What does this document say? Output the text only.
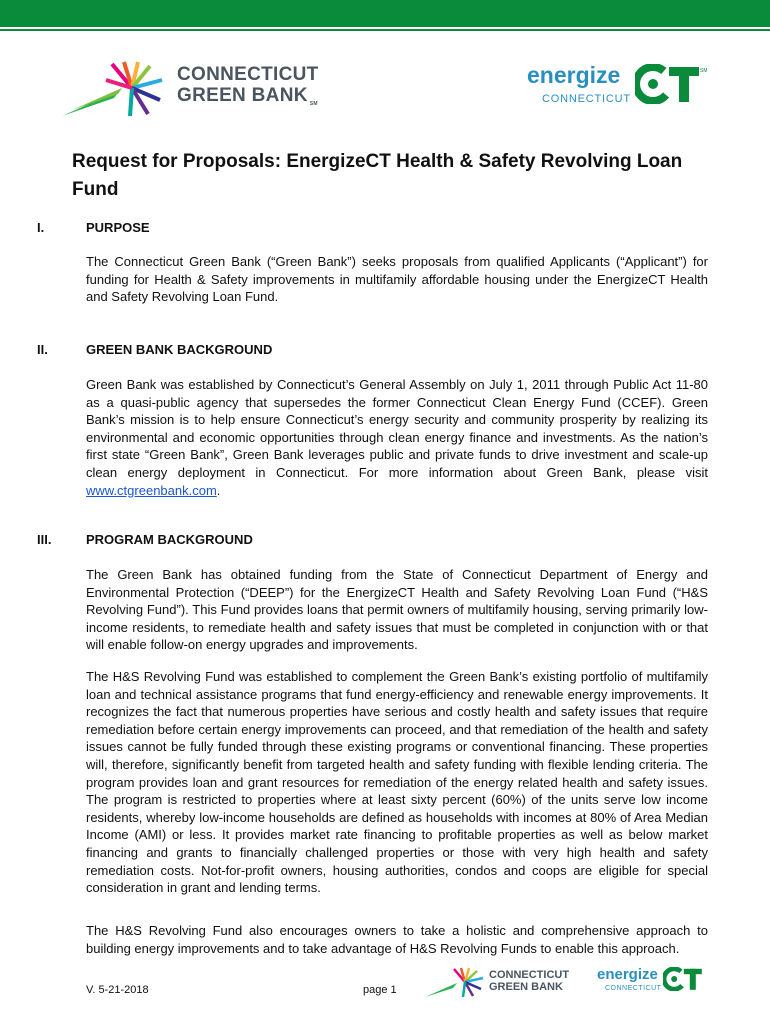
CONNECTICUT
GREEN BANK SM
energize
CONNECTICUT
SM
Request for Proposals: EnergizeCT Health & Safety Revolving Loan Fund
I.	PURPOSE

The Connecticut Green Bank (“Green Bank”) seeks proposals from qualified Applicants (“Applicant”) for funding for Health & Safety improvements in multifamily affordable housing under the EnergizeCT Health and Safety Revolving Loan Fund.

II.	GREEN BANK BACKGROUND

Green Bank was established by Connecticut’s General Assembly on July 1, 2011 through Public Act 11-80 as a quasi-public agency that supersedes the former Connecticut Clean Energy Fund (CCEF). Green Bank’s mission is to help ensure Connecticut’s energy security and community prosperity by realizing its environmental and economic opportunities through clean energy finance and investments. As the nation’s first state “Green Bank”, Green Bank leverages public and private funds to drive investment and scale-up clean energy deployment in Connecticut. For more information about Green Bank, please visit www.ctgreenbank.com.

III.	PROGRAM BACKGROUND

The Green Bank has obtained funding from the State of Connecticut Department of Energy and Environmental Protection (“DEEP”) for the EnergizeCT Health and Safety Revolving Loan Fund (“H&S Revolving Fund”). This Fund provides loans that permit owners of multifamily housing, serving primarily low-income residents, to remediate health and safety issues that must be completed in conjunction with or that will enable follow-on energy upgrades and improvements.

The H&S Revolving Fund was established to complement the Green Bank’s existing portfolio of multifamily loan and technical assistance programs that fund energy-efficiency and renewable energy improvements. It recognizes the fact that numerous properties have serious and costly health and safety issues that require remediation before certain energy improvements can proceed, and that remediation of the health and safety issues cannot be fully funded through these existing programs or conventional financing. These properties will, therefore, significantly benefit from targeted health and safety funding with flexible lending criteria. The program provides loan and grant resources for remediation of the energy related health and safety issues. The program is restricted to properties where at least sixty percent (60%) of the units serve low income residents, whereby low-income households are defined as households with incomes at 80% of Area Median Income (AMI) or less. It provides market rate financing to profitable properties as well as below market financing and grants to financially challenged properties or those with very high health and safety remediation costs. Not-for-profit owners, housing authorities, condos and coops are eligible for special consideration in grant and lending terms.

The H&S Revolving Fund also encourages owners to take a holistic and comprehensive approach to building energy improvements and to take advantage of H&S Revolving Funds to enable this approach.

V. 5-21-2018	page 1
CONNECTICUT
GREEN BANK
energize
CONNECTICUT
